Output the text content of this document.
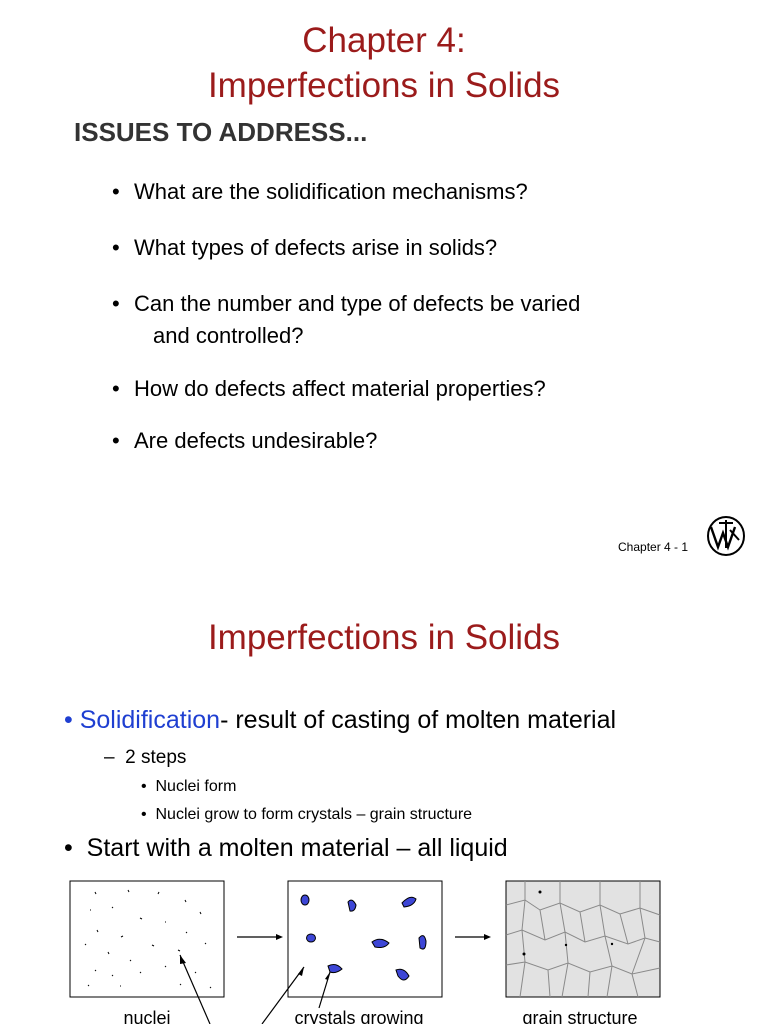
Chapter 4:
Imperfections in Solids
ISSUES TO ADDRESS...
• What are the solidification mechanisms?
• What types of defects arise in solids?
• Can the number and type of defects be varied
and controlled?
• How do defects affect material properties?
• Are defects undesirable?
Chapter 4 - 1
Imperfections in Solids
• Solidification- result of casting of molten material
– 2 steps
• Nuclei form
• Nuclei grow to form crystals – grain structure
• Start with a molten material – all liquid
nuclei	crystals growing	grain structure
